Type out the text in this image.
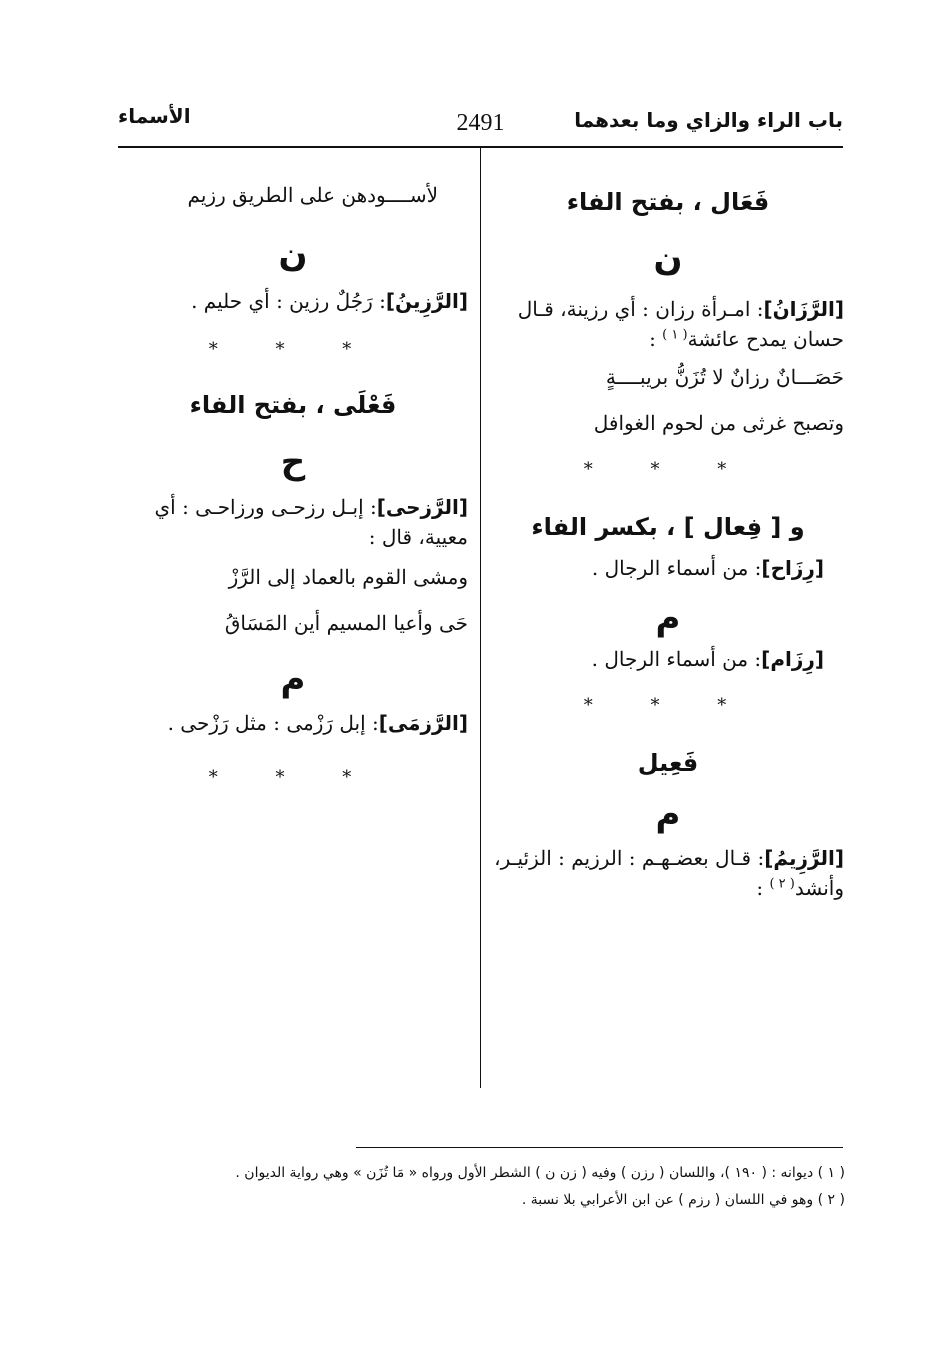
باب الراء والزاي وما بعدهما
2491
الأسماء

فَعَال ، بفتح الفاء

ن

[الرَّزَانُ]: امـرأة رزان : أي رزينة، قـال حسان يمدح عائشة$^{( ١ )}$ :

حَصَـــانٌ رزانٌ لا تُزَنُّ بريبــــةٍ

وتصبح غرثى من لحوم الغوافل

* * *

و [ فِعال ] ، بكسر الفاء

[رِزَاح]: من أسماء الرجال .

م

[رِزَام]: من أسماء الرجال .

* * *

فَعِيل

م

[الرَّزِيمُ]: قـال بعضـهـم : الرزيم : الزئيـر، وأنشد$^{( ٢ )}$ :

لأســــودهن على الطريق رزيم

ن

[الرَّزِينُ]: رَجُلٌ رزين : أي حليم .

* * *

فَعْلَى ، بفتح الفاء

ح

[الرَّزحى]: إبـل رزحـى ورزاحـى : أي معيية، قال :

ومشى القوم بالعماد إلى الرَّزْ

حَى وأعيا المسيم أين المَسَاقُ

م

[الرَّزمَى]: إبل رَزْمى : مثل رَزْحى .

* * *

( ١ ) ديوانه : ( ١٩٠ )، واللسان ( رزن ) وفيه ( زن ن ) الشطر الأول ورواه « مَا تُزَن » وهي رواية الديوان .

( ٢ ) وهو في اللسان ( رزم ) عن ابن الأعرابي بلا نسبة .
